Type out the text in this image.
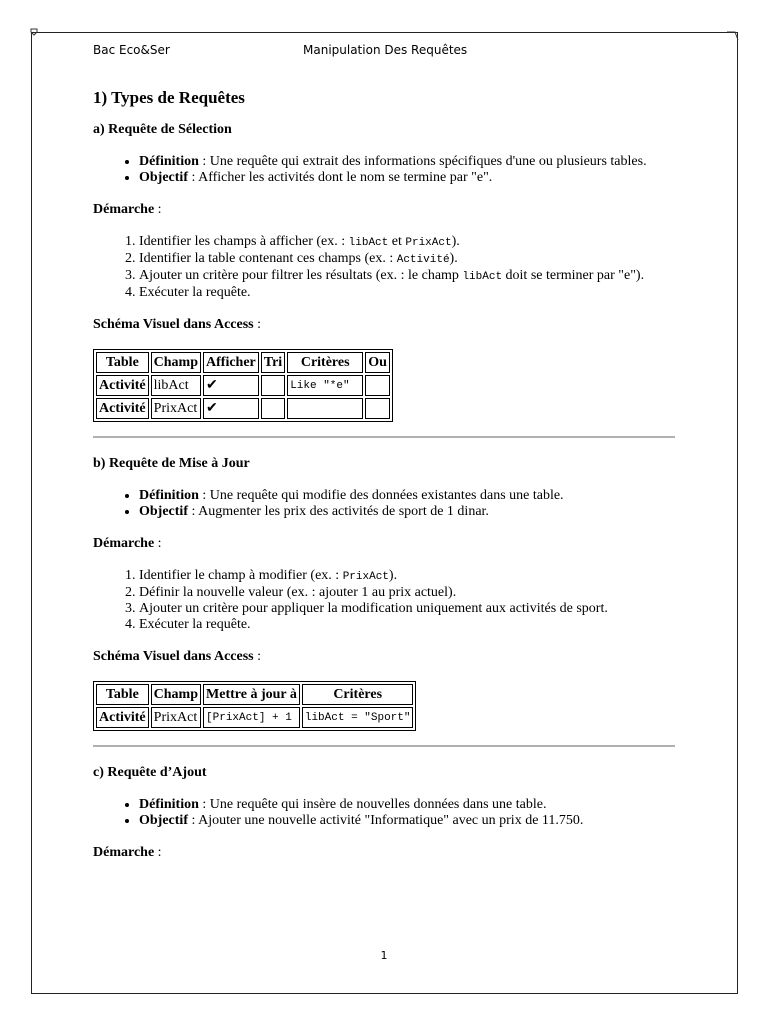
Bac Eco&Ser	Manipulation Des Requêtes
1) Types de Requêtes
a) Requête de Sélection
• Définition : Une requête qui extrait des informations spécifiques d'une ou plusieurs tables.
• Objectif : Afficher les activités dont le nom se termine par "e".

Démarche :

1. Identifier les champs à afficher (ex. : libAct et PrixAct).
2. Identifier la table contenant ces champs (ex. : Activité).
3. Ajouter un critère pour filtrer les résultats (ex. : le champ libAct doit se terminer par "e").
4. Exécuter la requête.

Schéma Visuel dans Access :

Table	Champ	Afficher	Tri	Critères	Ou
Activité	libAct	✔		Like "*e"	
Activité	PrixAct	✔			
b) Requête de Mise à Jour
• Définition : Une requête qui modifie des données existantes dans une table.
• Objectif : Augmenter les prix des activités de sport de 1 dinar.

Démarche :

1. Identifier le champ à modifier (ex. : PrixAct).
2. Définir la nouvelle valeur (ex. : ajouter 1 au prix actuel).
3. Ajouter un critère pour appliquer la modification uniquement aux activités de sport.
4. Exécuter la requête.

Schéma Visuel dans Access :

Table	Champ	Mettre à jour à	Critères
Activité	PrixAct	[PrixAct] + 1	libAct = "Sport"
c) Requête d’Ajout
• Définition : Une requête qui insère de nouvelles données dans une table.
• Objectif : Ajouter une nouvelle activité "Informatique" avec un prix de 11.750.

Démarche :

1
